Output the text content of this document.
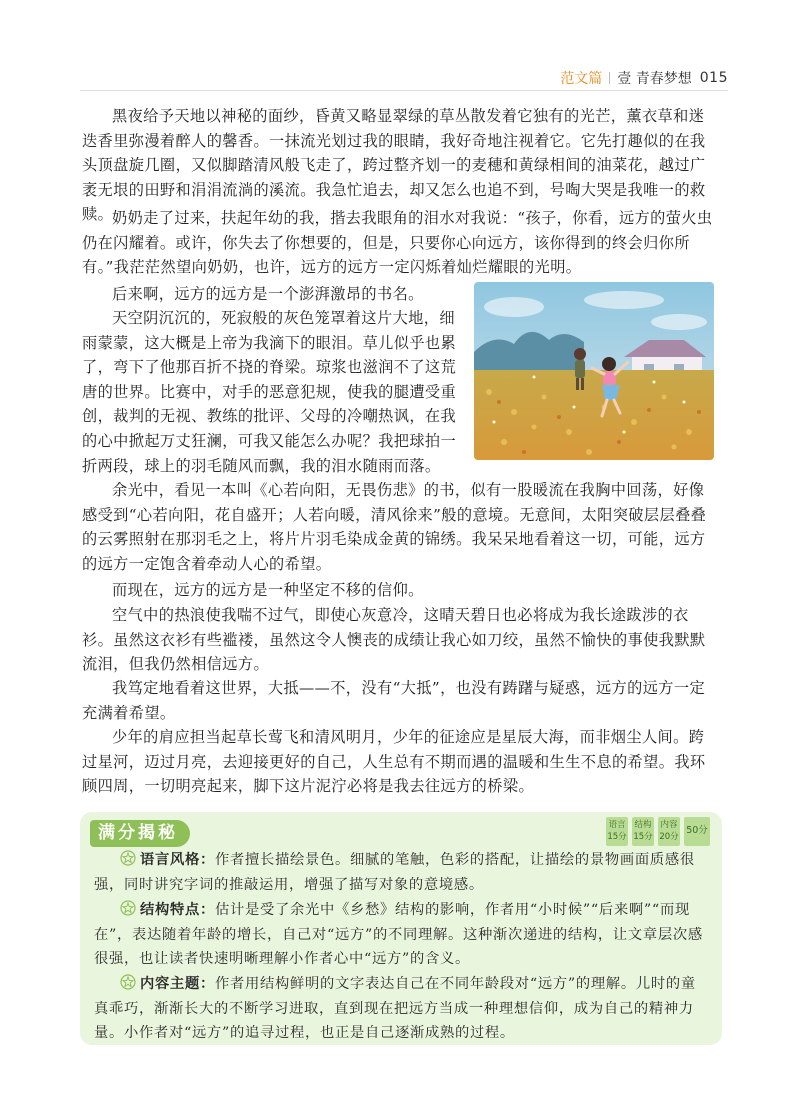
范文篇 壹 青春梦想 015

黑夜给予天地以神秘的面纱，昏黄又略显翠绿的草丛散发着它独有的光芒，薰衣草和迷迭香里弥漫着醉人的馨香。一抹流光划过我的眼睛，我好奇地注视着它。它先打趣似的在我头顶盘旋几圈，又似脚踏清风般飞走了，跨过整齐划一的麦穗和黄绿相间的油菜花，越过广袤无垠的田野和涓涓流淌的溪流。我急忙追去，却又怎么也追不到，号啕大哭是我唯一的救赎。

奶奶走了过来，扶起年幼的我，揩去我眼角的泪水对我说：“孩子，你看，远方的萤火虫仍在闪耀着。或许，你失去了你想要的，但是，只要你心向远方，该你得到的终会归你所有。”我茫茫然望向奶奶，也许，远方的远方一定闪烁着灿烂耀眼的光明。

后来啊，远方的远方是一个澎湃激昂的书名。

天空阴沉沉的，死寂般的灰色笼罩着这片大地，细雨蒙蒙，这大概是上帝为我滴下的眼泪。草儿似乎也累了，弯下了他那百折不挠的脊梁。琼浆也滋润不了这荒唐的世界。比赛中，对手的恶意犯规，使我的腿遭受重创，裁判的无视、教练的批评、父母的冷嘲热讽，在我的心中掀起万丈狂澜，可我又能怎么办呢？我把球拍一折两段，球上的羽毛随风而飘，我的泪水随雨而落。

余光中，看见一本叫《心若向阳，无畏伤悲》的书，似有一股暖流在我胸中回荡，好像感受到“心若向阳，花自盛开；人若向暖，清风徐来”般的意境。无意间，太阳突破层层叠叠的云雾照射在那羽毛之上，将片片羽毛染成金黄的锦绣。我呆呆地看着这一切，可能，远方的远方一定饱含着牵动人心的希望。

而现在，远方的远方是一种坚定不移的信仰。

空气中的热浪使我喘不过气，即使心灰意冷，这晴天碧日也必将成为我长途跋涉的衣衫。虽然这衣衫有些褴褛，虽然这令人懊丧的成绩让我心如刀绞，虽然不愉快的事使我默默流泪，但我仍然相信远方。

我笃定地看着这世界，大抵——不，没有“大抵”，也没有踌躇与疑惑，远方的远方一定充满着希望。

少年的肩应担当起草长莺飞和清风明月，少年的征途应是星辰大海，而非烟尘人间。跨过星河，迈过月亮，去迎接更好的自己，人生总有不期而遇的温暖和生生不息的希望。我环顾四周，一切明亮起来，脚下这片泥泞必将是我去往远方的桥梁。

满分揭秘	语言
15分
结构
15分
内容
20分
50分

语言风格：作者擅长描绘景色。细腻的笔触，色彩的搭配，让描绘的景物画面质感很强，同时讲究字词的推敲运用，增强了描写对象的意境感。

结构特点：估计是受了余光中《乡愁》结构的影响，作者用“小时候”“后来啊”“而现在”，表达随着年龄的增长，自己对“远方”的不同理解。这种渐次递进的结构，让文章层次感很强，也让读者快速明晰理解小作者心中“远方”的含义。

内容主题：作者用结构鲜明的文字表达自己在不同年龄段对“远方”的理解。儿时的童真乖巧，渐渐长大的不断学习进取，直到现在把远方当成一种理想信仰，成为自己的精神力量。小作者对“远方”的追寻过程，也正是自己逐渐成熟的过程。
